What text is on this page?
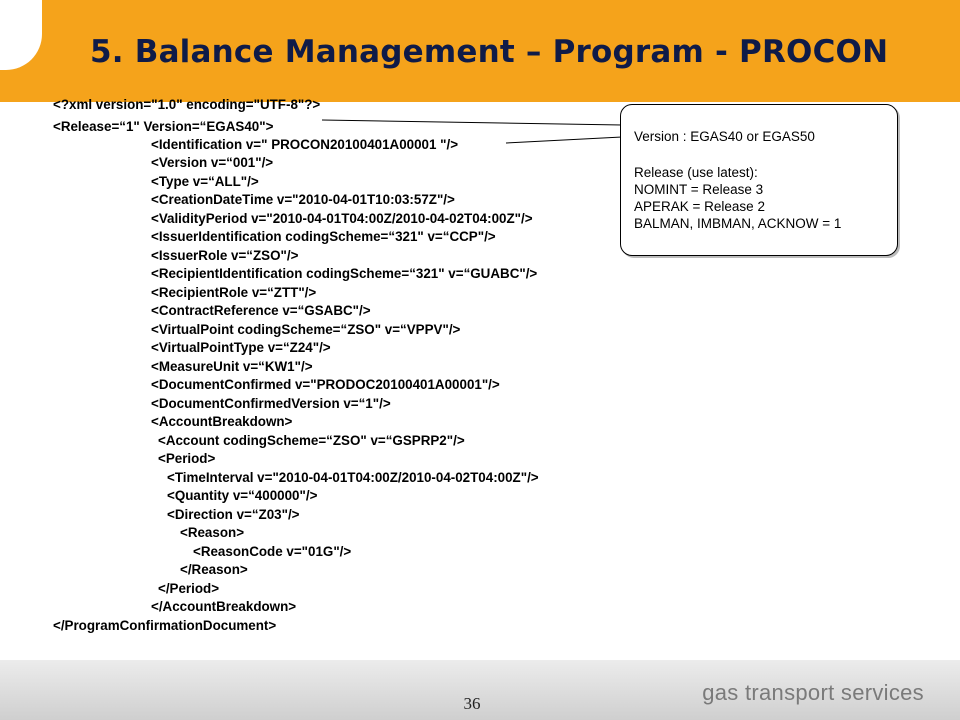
5. Balance Management – Program - PROCON
36	gas transport services

<?xml version="1.0" encoding="UTF-8"?>

<Release=“1" Version=“EGAS40">

<Identification v=" PROCON20100401A00001 "/>

<Version v=“001"/>

<Type v=“ALL"/>

<CreationDateTime v="2010-04-01T10:03:57Z"/>

<ValidityPeriod v="2010-04-01T04:00Z/2010-04-02T04:00Z"/>

<IssuerIdentification codingScheme=“321" v=“CCP"/>

<IssuerRole v=“ZSO"/>

<RecipientIdentification codingScheme=“321" v=“GUABC"/>

<RecipientRole v=“ZTT"/>

<ContractReference v=“GSABC"/>

<VirtualPoint codingScheme=“ZSO" v=“VPPV"/>

<VirtualPointType v=“Z24"/>

<MeasureUnit v=“KW1"/>

<DocumentConfirmed v="PRODOC20100401A00001"/>

<DocumentConfirmedVersion v=“1"/>

<AccountBreakdown>

<Account codingScheme=“ZSO" v=“GSPRP2"/>

<Period>

<TimeInterval v="2010-04-01T04:00Z/2010-04-02T04:00Z"/>

<Quantity v=“400000"/>

<Direction v=“Z03"/>

<Reason>

<ReasonCode v="01G"/>

</Reason>

</Period>

</AccountBreakdown>

</ProgramConfirmationDocument>

Version : EGAS40 or EGAS50

Release (use latest):

NOMINT = Release 3

APERAK = Release 2

BALMAN, IMBMAN, ACKNOW = 1
